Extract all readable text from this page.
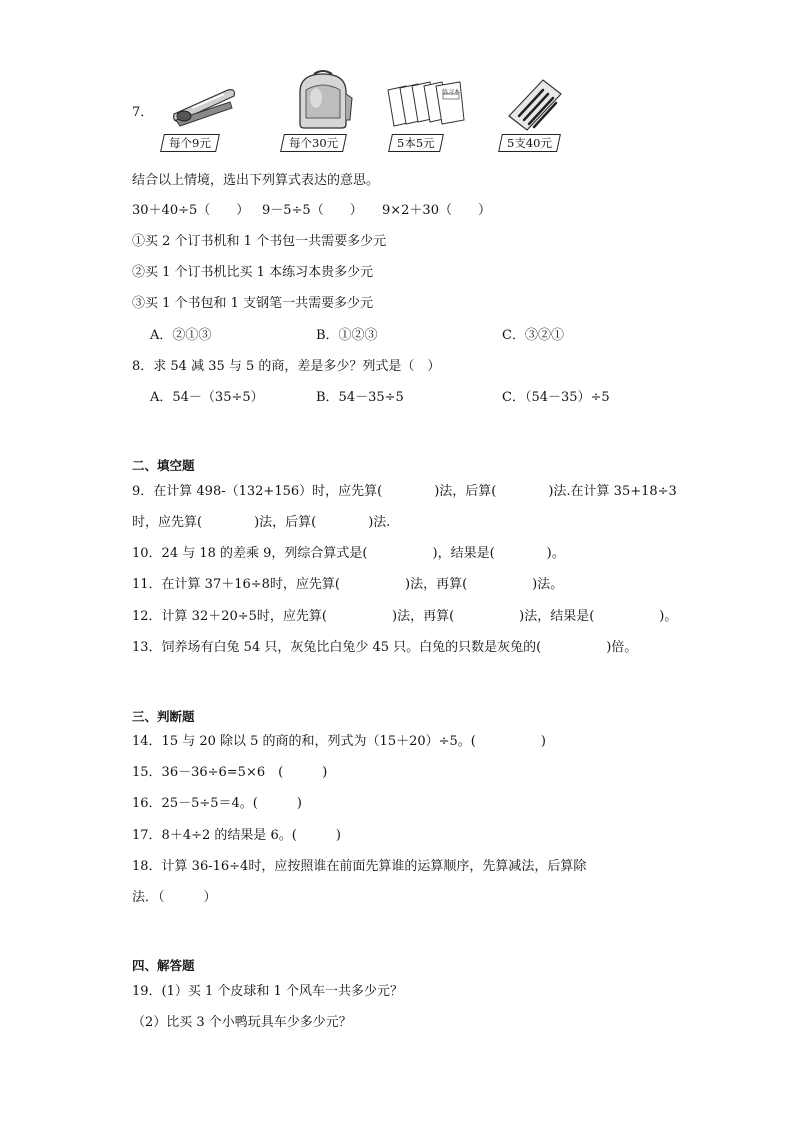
7．
每个9元	每个30元
练习本
5本5元	5支40元
结合以上情境，选出下列算式表达的意思。
30＋40÷5（　　） 9－5÷5（　　） 9×2＋30（　　）
①买 2 个订书机和 1 个书包一共需要多少元
②买 1 个订书机比买 1 本练习本贵多少元
③买 1 个书包和 1 支钢笔一共需要多少元
A．②①③	B．①②③	C．③②①
8．求 54 减 35 与 5 的商，差是多少？列式是（　）
A．54－（35÷5）	B．54－35÷5	C．（54－35）÷5
二、填空题
9．在计算 498-（132+156）时，应先算(　　　　)法，后算(　　　　)法.在计算 35+18÷3
时，应先算(　　　　)法，后算(　　　　)法.
10．24 与 18 的差乘 9，列综合算式是(　　　　　)，结果是(　　　　)。
11．在计算 37＋16÷8时，应先算(　　　　　)法，再算(　　　　　)法。
12．计算 32＋20÷5时，应先算(　　　　　)法，再算(　　　　　)法，结果是(　　　　　)。
13．饲养场有白兔 54 只，灰兔比白兔少 45 只。白兔的只数是灰兔的(　　　　　)倍。
三、判断题
14．15 与 20 除以 5 的商的和，列式为（15＋20）÷5。(　　　　　)
15．36－36÷6=5×6　(　　　)
16．25－5÷5＝4。(　　　)
17．8＋4÷2 的结果是 6。(　　　)
18．计算 36-16÷4时，应按照谁在前面先算谁的运算顺序，先算减法，后算除
法．（　　　）
四、解答题
19．(1）买 1 个皮球和 1 个风车一共多少元？
（2）比买 3 个小鸭玩具车少多少元？
